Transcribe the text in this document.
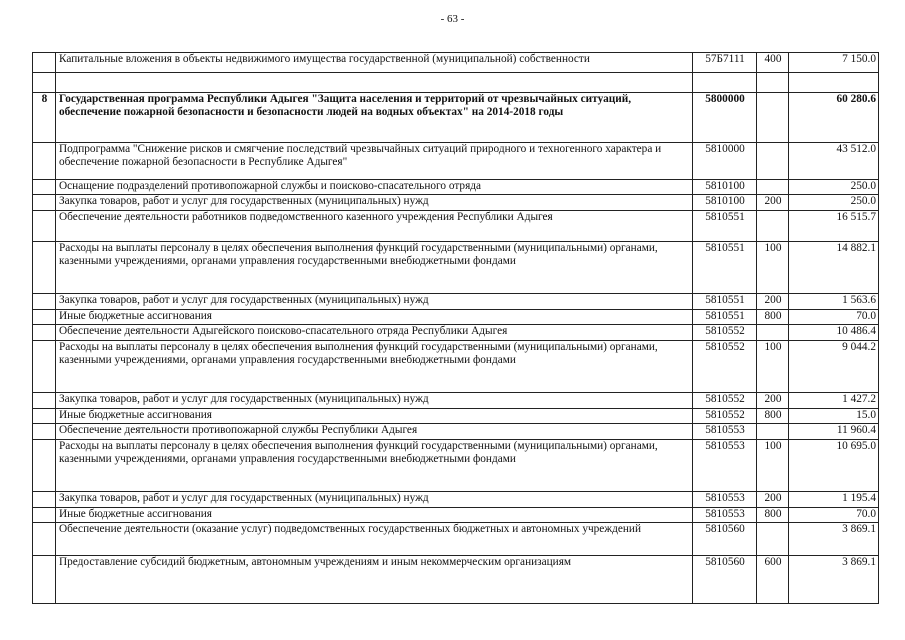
- 63 -
	Капитальные вложения в объекты недвижимого имущества государственной (муниципальной) собственности	57Б7111	400	7 150.0

8	Государственная программа Республики Адыгея "Защита населения и территорий от чрезвычайных ситуаций, обеспечение пожарной безопасности и безопасности людей на водных объектах" на 2014-2018 годы	5800000		60 280.6
	Подпрограмма "Снижение рисков и смягчение последствий чрезвычайных ситуаций природного и техногенного характера и обеспечение пожарной безопасности в Республике Адыгея"	5810000		43 512.0
	Оснащение подразделений противопожарной службы и поисково-спасательного отряда	5810100		250.0
	Закупка товаров, работ и услуг для государственных (муниципальных) нужд	5810100	200	250.0
	Обеспечение деятельности работников подведомственного казенного учреждения Республики Адыгея	5810551		16 515.7
	Расходы на выплаты персоналу в целях обеспечения выполнения функций государственными (муниципальными) органами, казенными учреждениями, органами управления государственными внебюджетными фондами	5810551	100	14 882.1
	Закупка товаров, работ и услуг для государственных (муниципальных) нужд	5810551	200	1 563.6
	Иные бюджетные ассигнования	5810551	800	70.0
	Обеспечение деятельности Адыгейского поисково-спасательного отряда Республики Адыгея	5810552		10 486.4
	Расходы на выплаты персоналу в целях обеспечения выполнения функций государственными (муниципальными) органами, казенными учреждениями, органами управления государственными внебюджетными фондами	5810552	100	9 044.2
	Закупка товаров, работ и услуг для государственных (муниципальных) нужд	5810552	200	1 427.2
	Иные бюджетные ассигнования	5810552	800	15.0
	Обеспечение деятельности противопожарной службы Республики Адыгея	5810553		11 960.4
	Расходы на выплаты персоналу в целях обеспечения выполнения функций государственными (муниципальными) органами, казенными учреждениями, органами управления государственными внебюджетными фондами	5810553	100	10 695.0
	Закупка товаров, работ и услуг для государственных (муниципальных) нужд	5810553	200	1 195.4
	Иные бюджетные ассигнования	5810553	800	70.0
	Обеспечение деятельности (оказание услуг) подведомственных государственных бюджетных и автономных учреждений	5810560		3 869.1
	Предоставление субсидий бюджетным, автономным учреждениям и иным некоммерческим организациям	5810560	600	3 869.1
